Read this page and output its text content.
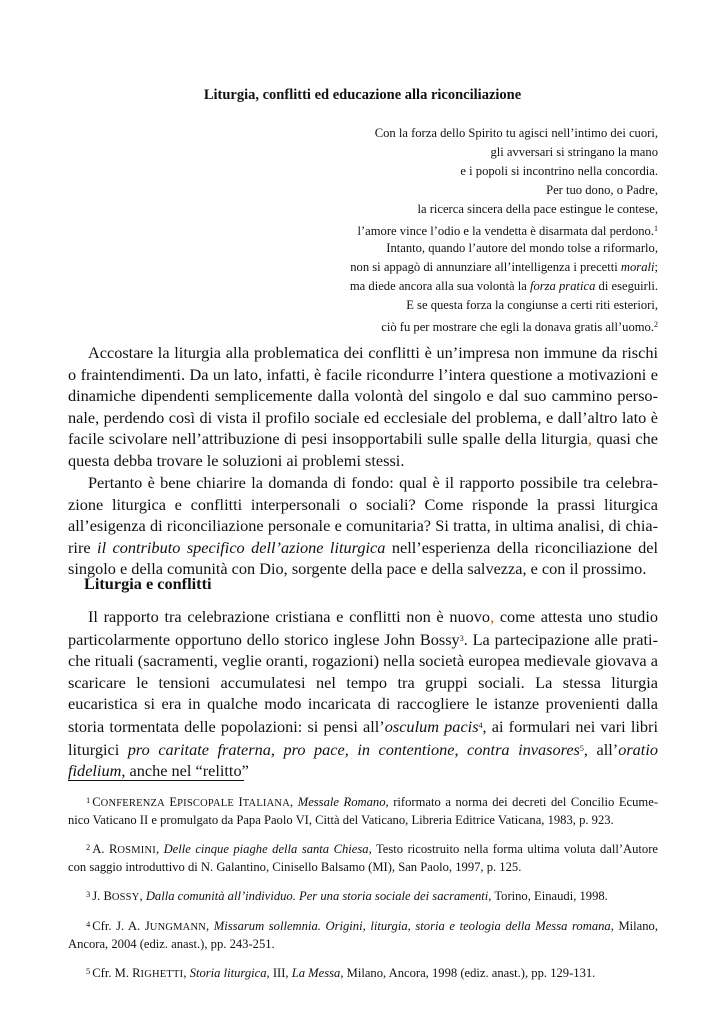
Liturgia, conflitti ed educazione alla riconciliazione
Con la forza dello Spirito tu agisci nell’intimo dei cuori,
gli avversari si stringano la mano
e i popoli si incontrino nella concordia.
Per tuo dono, o Padre,
la ricerca sincera della pace estingue le contese,
l’amore vince l’odio e la vendetta è disarmata dal perdono.$^1$
Intanto, quando l’autore del mondo tolse a riformarlo,
non si appagò di annunziare all’intelligenza i precetti morali;
ma diede ancora alla sua volontà la forza pratica di eseguirli.
E se questa forza la congiunse a certi riti esteriori,
ciò fu per mostrare che egli la donava gratis all’uomo.$^2$

Accostare la liturgia alla problematica dei conflitti è un’impresa non immune da rischi o fraintendimenti. Da un lato, infatti, è facile ricondurre l’intera questione a motivazioni e dinamiche dipendenti semplicemente dalla volontà del singolo e dal suo cammino personale, perdendo così di vista il profilo sociale ed ecclesiale del problema, e dall’altro lato è facile scivolare nell’attribuzione di pesi insopportabili sulle spalle della liturgia, quasi che questa debba trovare le soluzioni ai problemi stessi.

Pertanto è bene chiarire la domanda di fondo: qual è il rapporto possibile tra celebrazione liturgica e conflitti interpersonali o sociali? Come risponde la prassi liturgica all’esigenza di riconciliazione personale e comunitaria? Si tratta, in ultima analisi, di chiarire il contributo specifico dell’azione liturgica nell’esperienza della riconciliazione del singolo e della comunità con Dio, sorgente della pace e della salvezza, e con il prossimo.

Liturgia e conflitti

Il rapporto tra celebrazione cristiana e conflitti non è nuovo, come attesta uno studio particolarmente opportuno dello storico inglese John Bossy$^3$. La partecipazione alle pratiche rituali (sacramenti, veglie oranti, rogazioni) nella società europea medievale giovava a scaricare le tensioni accumulatesi nel tempo tra gruppi sociali. La stessa liturgia eucaristica si era in qualche modo incaricata di raccogliere le istanze provenienti dalla storia tormentata delle popolazioni: si pensi all’osculum pacis$^4$, ai formulari nei vari libri liturgici pro caritate fraterna, pro pace, in contentione, contra invasores$^5$, all’oratio fidelium, anche nel “relitto”

$^1$ CONFERENZA EPISCOPALE ITALIANA, Messale Romano, riformato a norma dei decreti del Concilio Ecumenico Vaticano II e promulgato da Papa Paolo VI, Città del Vaticano, Libreria Editrice Vaticana, 1983, p. 923.

$^2$ A. ROSMINI, Delle cinque piaghe della santa Chiesa, Testo ricostruito nella forma ultima voluta dall’Autore con saggio introduttivo di N. Galantino, Cinisello Balsamo (MI), San Paolo, 1997, p. 125.

$^3$ J. BOSSY, Dalla comunità all’individuo. Per una storia sociale dei sacramenti, Torino, Einaudi, 1998.

$^4$ Cfr. J. A. JUNGMANN, Missarum sollemnia. Origini, liturgia, storia e teologia della Messa romana, Milano, Ancora, 2004 (ediz. anast.), pp. 243-251.

$^5$ Cfr. M. RIGHETTI, Storia liturgica, III, La Messa, Milano, Ancora, 1998 (ediz. anast.), pp. 129-131.
